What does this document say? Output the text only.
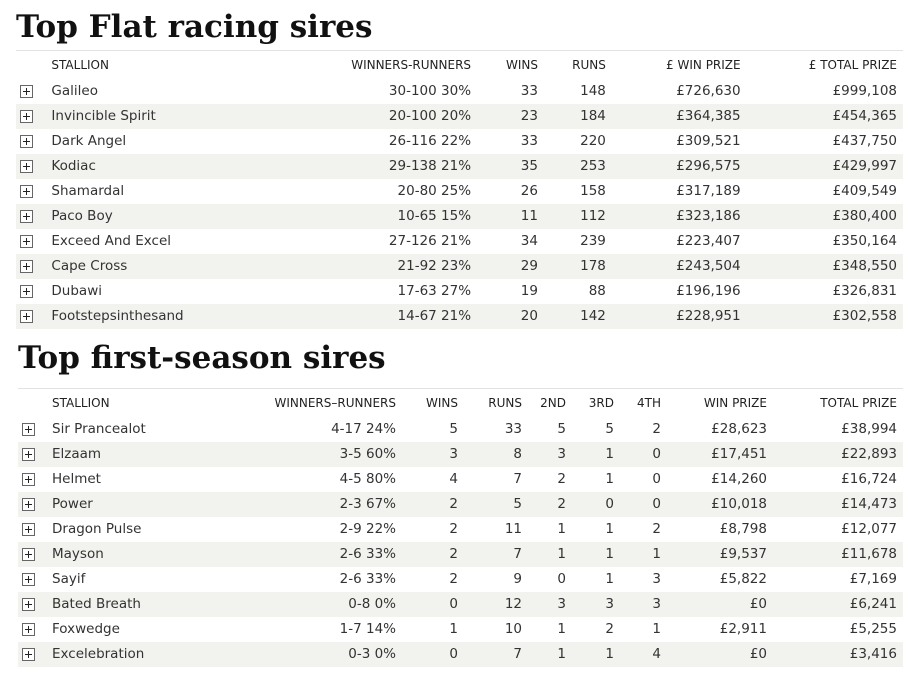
Top Flat racing sires
	STALLION	WINNERS-RUNNERS	WINS	RUNS	£ WIN PRIZE	£ TOTAL PRIZE
	Galileo	30-100 30%	33	148	£726,630	£999,108
	Invincible Spirit	20-100 20%	23	184	£364,385	£454,365
	Dark Angel	26-116 22%	33	220	£309,521	£437,750
	Kodiac	29-138 21%	35	253	£296,575	£429,997
	Shamardal	20-80 25%	26	158	£317,189	£409,549
	Paco Boy	10-65 15%	11	112	£323,186	£380,400
	Exceed And Excel	27-126 21%	34	239	£223,407	£350,164
	Cape Cross	21-92 23%	29	178	£243,504	£348,550
	Dubawi	17-63 27%	19	88	£196,196	£326,831
	Footstepsinthesand	14-67 21%	20	142	£228,951	£302,558
Top first-season sires
	STALLION	WINNERS–RUNNERS	WINS	RUNS	2ND	3RD	4TH	WIN PRIZE	TOTAL PRIZE
	Sir Prancealot	4-17 24%	5	33	5	5	2	£28,623	£38,994
	Elzaam	3-5 60%	3	8	3	1	0	£17,451	£22,893
	Helmet	4-5 80%	4	7	2	1	0	£14,260	£16,724
	Power	2-3 67%	2	5	2	0	0	£10,018	£14,473
	Dragon Pulse	2-9 22%	2	11	1	1	2	£8,798	£12,077
	Mayson	2-6 33%	2	7	1	1	1	£9,537	£11,678
	Sayif	2-6 33%	2	9	0	1	3	£5,822	£7,169
	Bated Breath	0-8 0%	0	12	3	3	3	£0	£6,241
	Foxwedge	1-7 14%	1	10	1	2	1	£2,911	£5,255
	Excelebration	0-3 0%	0	7	1	1	4	£0	£3,416
